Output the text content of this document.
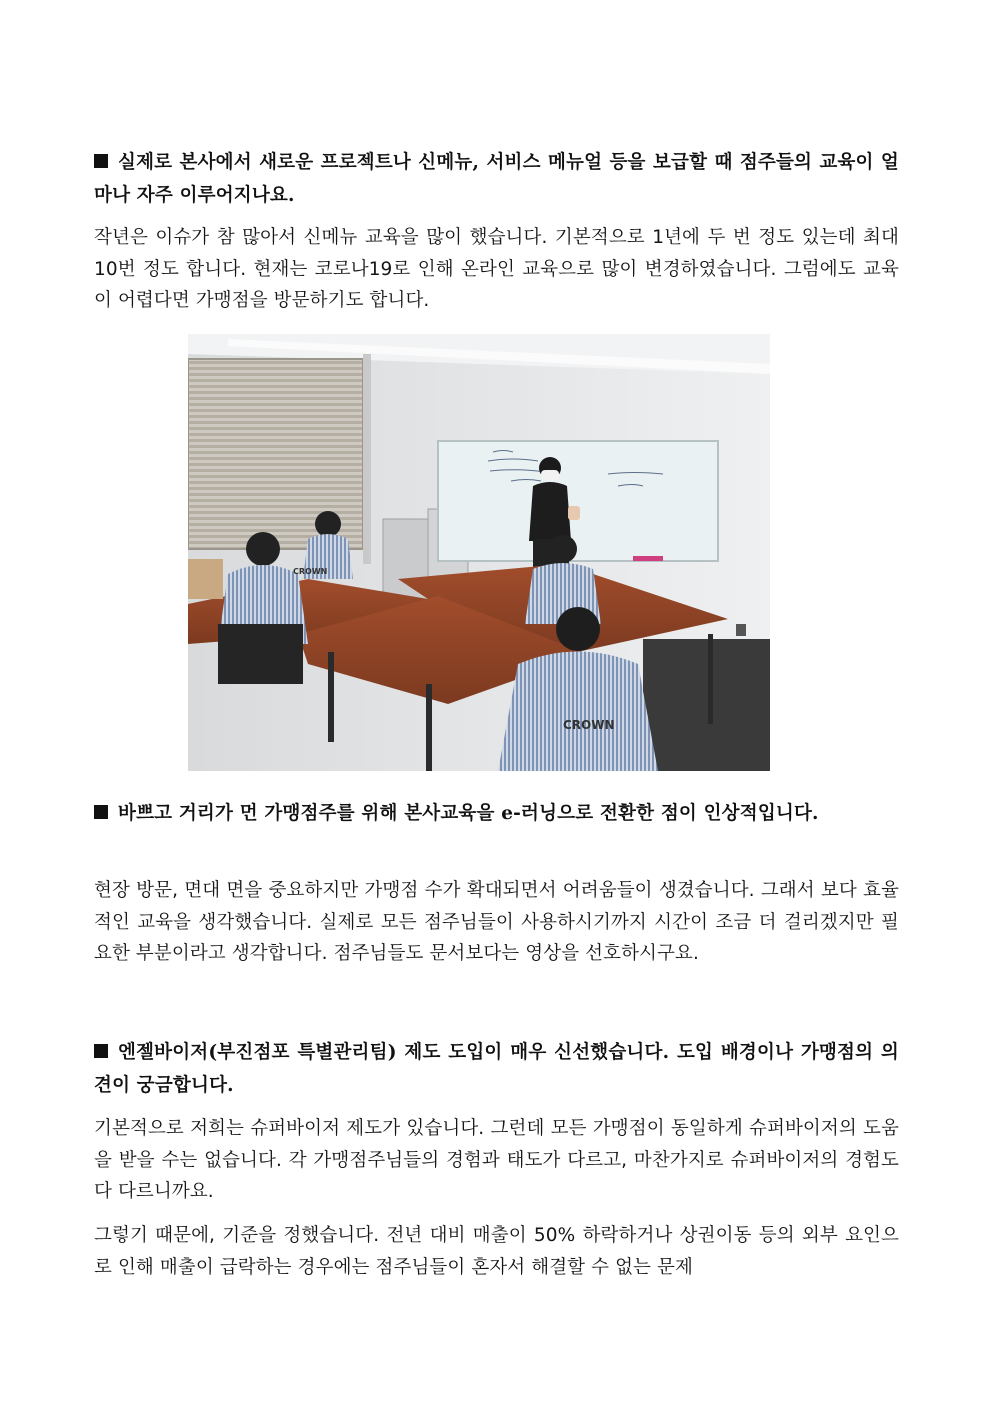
실제로 본사에서 새로운 프로젝트나 신메뉴, 서비스 메뉴얼 등을 보급할 때 점주들의 교육이 얼마나 자주 이루어지나요.
작년은 이슈가 참 많아서 신메뉴 교육을 많이 했습니다. 기본적으로 1년에 두 번 정도 있는데 최대 10번 정도 합니다. 현재는 코로나19로 인해 온라인 교육으로 많이 변경하였습니다. 그럼에도 교육이 어렵다면 가맹점을 방문하기도 합니다.
CROWN
CROWN
바쁘고 거리가 먼 가맹점주를 위해 본사교육을 e-러닝으로 전환한 점이 인상적입니다.
현장 방문, 면대 면을 중요하지만 가맹점 수가 확대되면서 어려움들이 생겼습니다. 그래서 보다 효율적인 교육을 생각했습니다. 실제로 모든 점주님들이 사용하시기까지 시간이 조금 더 걸리겠지만 필요한 부분이라고 생각합니다. 점주님들도 문서보다는 영상을 선호하시구요.
엔젤바이저(부진점포 특별관리팀) 제도 도입이 매우 신선했습니다. 도입 배경이나 가맹점의 의견이 궁금합니다.
기본적으로 저희는 슈퍼바이저 제도가 있습니다. 그런데 모든 가맹점이 동일하게 슈퍼바이저의 도움을 받을 수는 없습니다. 각 가맹점주님들의 경험과 태도가 다르고, 마찬가지로 슈퍼바이저의 경험도 다 다르니까요.
그렇기 때문에, 기준을 정했습니다. 전년 대비 매출이 50% 하락하거나 상권이동 등의 외부 요인으로 인해 매출이 급락하는 경우에는 점주님들이 혼자서 해결할 수 없는 문제
